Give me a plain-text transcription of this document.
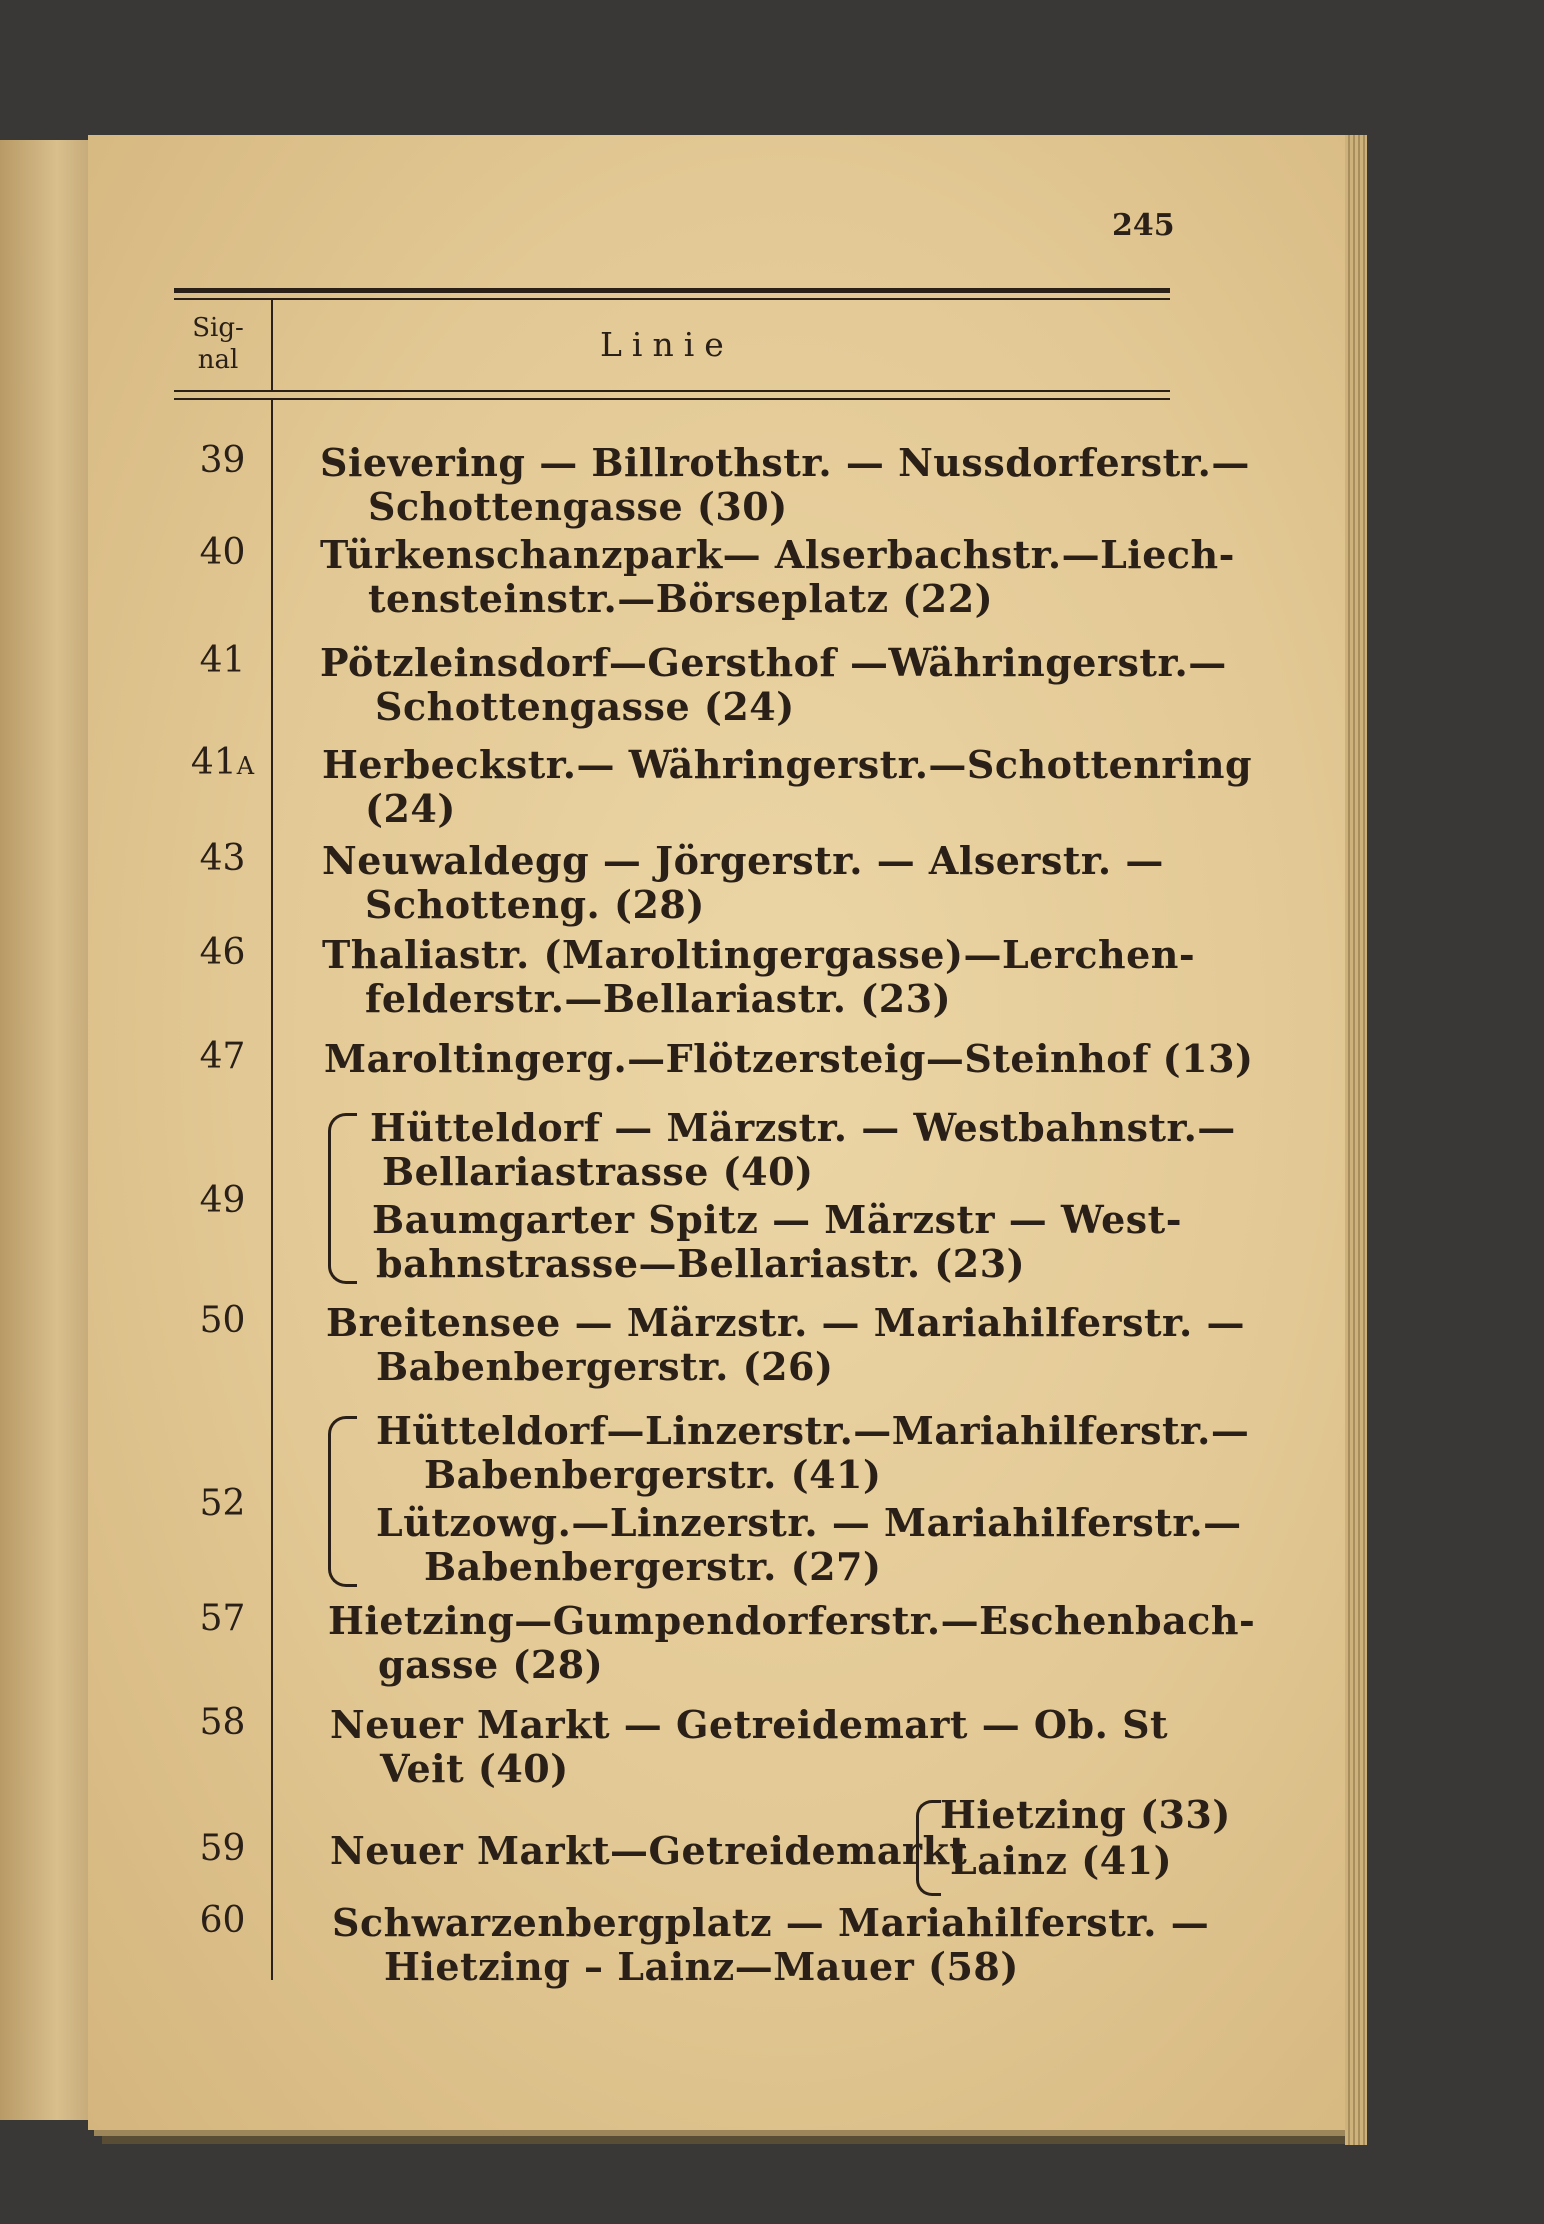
245
Sig-
nal	Linie
39	Sievering — Billrothstr. — Nussdorferstr.—
Schottengasse (30)
40	Türkenschanzpark— Alserbachstr.—Liech-
tensteinstr.—Börseplatz (22)
41	Pötzleinsdorf—Gersthof —Währingerstr.—
Schottengasse (24)
41A Herbeckstr.— Währingerstr.—Schottenring
(24)
43	Neuwaldegg — Jörgerstr. — Alserstr. —
Schotteng. (28)
46	Thaliastr. (Maroltingergasse)—Lerchen-
felderstr.—Bellariastr. (23)
47	Maroltingerg.—Flötzersteig—Steinhof (13)
49
Hütteldorf — Märzstr. — Westbahnstr.—
Bellariastrasse (40)
Baumgarter Spitz — Märzstr — West-
bahnstrasse—Bellariastr. (23)
50	Breitensee — Märzstr. — Mariahilferstr. —
Babenbergerstr. (26)
52
Hütteldorf—Linzerstr.—Mariahilferstr.—
Babenbergerstr. (41)
Lützowg.—Linzerstr. — Mariahilferstr.—
Babenbergerstr. (27)
57	Hietzing—Gumpendorferstr.—Eschenbach-
gasse (28)
58	Neuer Markt — Getreidemart — Ob. St
Veit (40)
59	Neuer Markt—Getreidemarkt
Hietzing (33)
Lainz (41)
60	Schwarzenbergplatz — Mariahilferstr. —
Hietzing – Lainz—Mauer (58)
